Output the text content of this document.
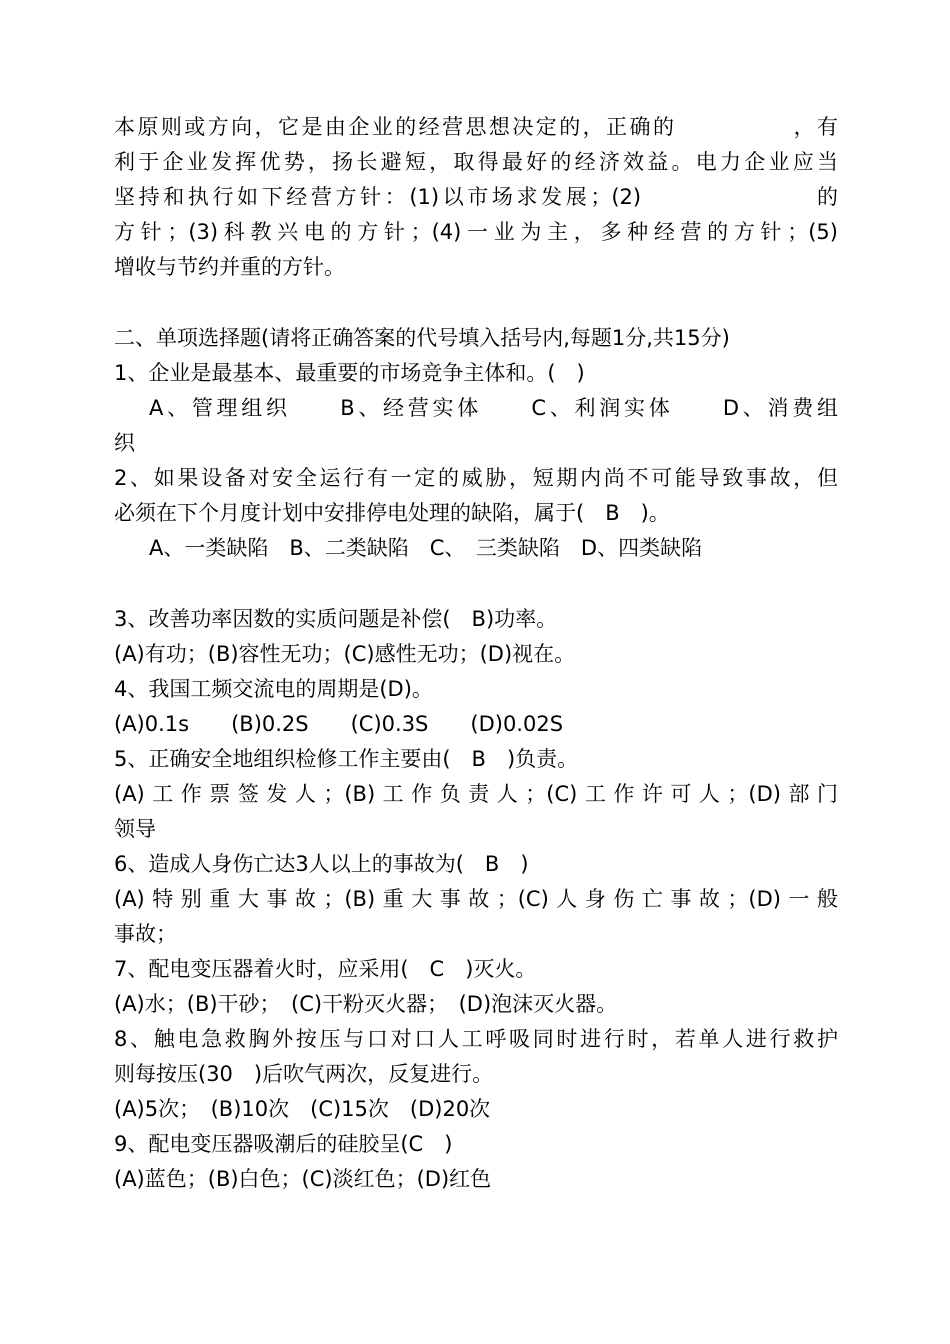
本原则或方向，它是由企业的经营思想决定的，正确的　　　　　，有
利于企业发挥优势，扬长避短，取得最好的经济效益。电力企业应当
坚持和执行如下经营方针：(1)以市场求发展；(2)　　　　　　　的
方针；(3)科教兴电的方针；(4)一业为主，多种经营的方针；(5)
增收与节约并重的方针。
二、单项选择题(请将正确答案的代号填入括号内,每题1分,共15分)
1、企业是最基本、最重要的市场竞争主体和。(　)
A、管理组织　　B、经营实体　　C、利润实体　　D、消费组
织
2、如果设备对安全运行有一定的威胁，短期内尚不可能导致事故，但
必须在下个月度计划中安排停电处理的缺陷，属于(　B　)。
A、一类缺陷　B、二类缺陷　C、　三类缺陷　D、四类缺陷
3、改善功率因数的实质问题是补偿(　B)功率。
(A)有功；(B)容性无功；(C)感性无功；(D)视在。
4、我国工频交流电的周期是(D)。
(A)0.1s　　(B)0.2S　　(C)0.3S　　(D)0.02S
5、正确安全地组织检修工作主要由(　B　)负责。
(A)工作票签发人；(B)工作负责人；(C)工作许可人；(D)部门
领导
6、造成人身伤亡达3人以上的事故为(　B　)
(A)特别重大事故；(B)重大事故；(C)人身伤亡事故；(D)一般
事故；
7、配电变压器着火时，应采用(　C　)灭火。
(A)水；(B)干砂；　(C)干粉灭火器；　(D)泡沫灭火器。
8、触电急救胸外按压与口对口人工呼吸同时进行时，若单人进行救护
则每按压(30　)后吹气两次，反复进行。
(A)5次；　(B)10次　(C)15次　(D)20次
9、配电变压器吸潮后的硅胶呈(C　)
(A)蓝色；(B)白色；(C)淡红色；(D)红色
